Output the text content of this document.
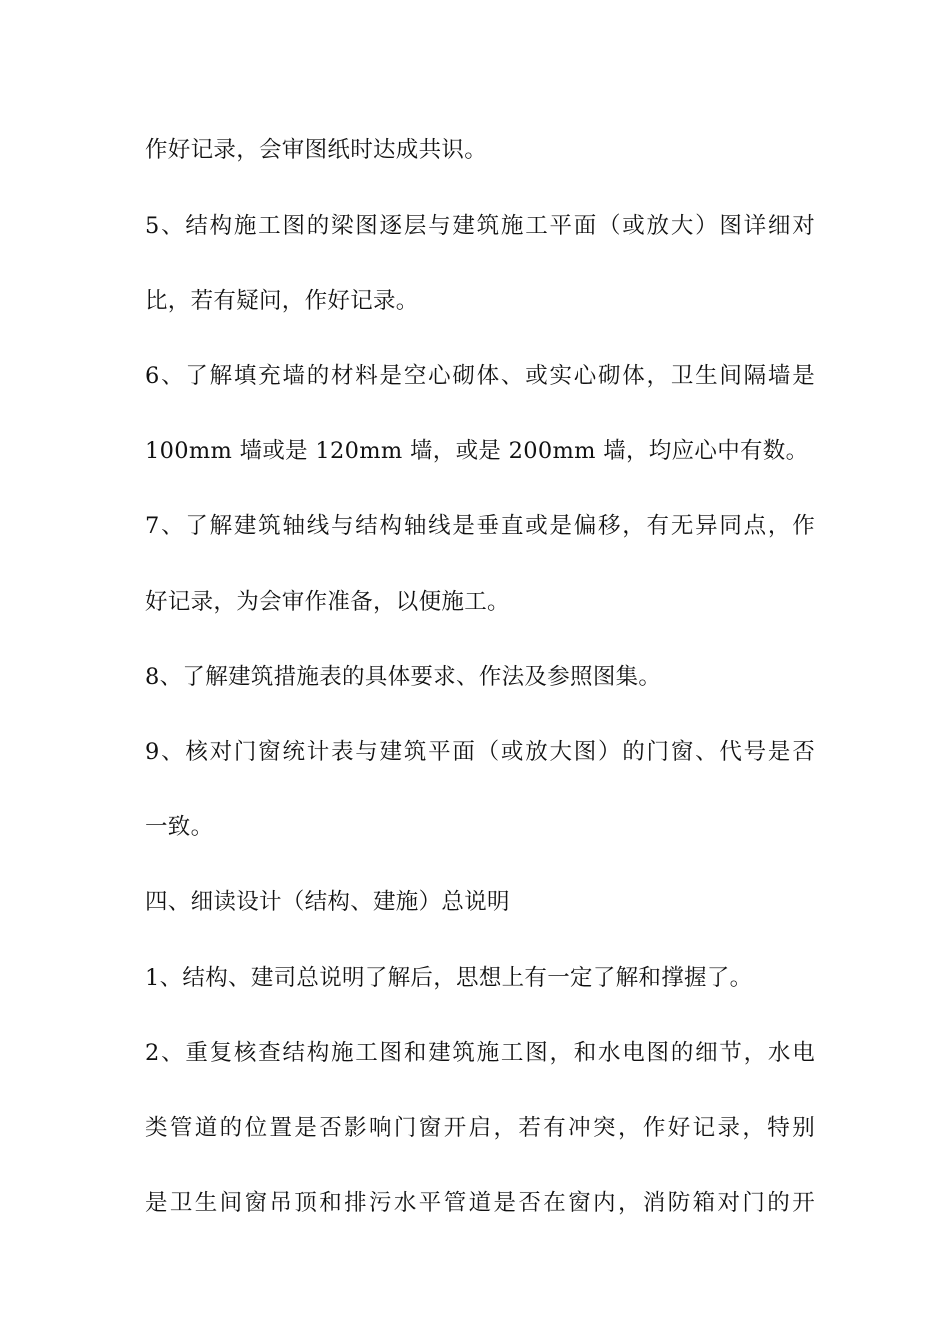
作好记录，会审图纸时达成共识。
5、结构施工图的梁图逐层与建筑施工平面（或放大）图详细对
比，若有疑问，作好记录。
6、了解填充墙的材料是空心砌体、或实心砌体，卫生间隔墙是
100mm 墙或是 120mm 墙，或是 200mm 墙，均应心中有数。
7、了解建筑轴线与结构轴线是垂直或是偏移，有无异同点，作
好记录，为会审作准备，以便施工。
8、了解建筑措施表的具体要求、作法及参照图集。
9、核对门窗统计表与建筑平面（或放大图）的门窗、代号是否
一致。
四、细读设计（结构、建施）总说明
1、结构、建司总说明了解后，思想上有一定了解和撑握了。
2、重复核查结构施工图和建筑施工图，和水电图的细节，水电
类管道的位置是否影响门窗开启，若有冲突，作好记录，特别
是卫生间窗吊顶和排污水平管道是否在窗内，消防箱对门的开
